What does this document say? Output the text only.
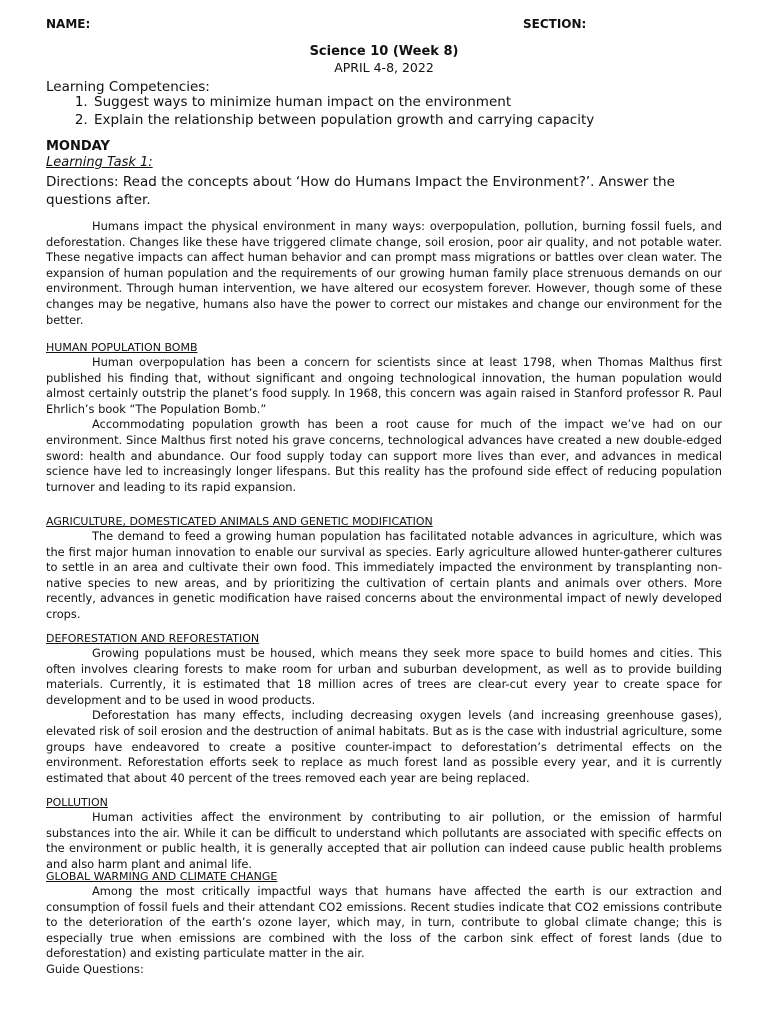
NAME:	SECTION:
Science 10 (Week 8)
APRIL 4-8, 2022
Learning Competencies:
1. Suggest ways to minimize human impact on the environment
2. Explain the relationship between population growth and carrying capacity
MONDAY
Learning Task 1:
Directions: Read the concepts about ‘How do Humans Impact the Environment?’. Answer the questions after.

Humans impact the physical environment in many ways: overpopulation, pollution, burning fossil fuels, and deforestation. Changes like these have triggered climate change, soil erosion, poor air quality, and not potable water. These negative impacts can affect human behavior and can prompt mass migrations or battles over clean water. The expansion of human population and the requirements of our growing human family place strenuous demands on our environment. Through human intervention, we have altered our ecosystem forever. However, though some of these changes may be negative, humans also have the power to correct our mistakes and change our environment for the better.

HUMAN POPULATION BOMB

Human overpopulation has been a concern for scientists since at least 1798, when Thomas Malthus first published his finding that, without significant and ongoing technological innovation, the human population would almost certainly outstrip the planet’s food supply. In 1968, this concern was again raised in Stanford professor R. Paul Ehrlich’s book “The Population Bomb.”

Accommodating population growth has been a root cause for much of the impact we’ve had on our environment. Since Malthus first noted his grave concerns, technological advances have created a new double-edged sword: health and abundance. Our food supply today can support more lives than ever, and advances in medical science have led to increasingly longer lifespans. But this reality has the profound side effect of reducing population turnover and leading to its rapid expansion.

AGRICULTURE, DOMESTICATED ANIMALS AND GENETIC MODIFICATION

The demand to feed a growing human population has facilitated notable advances in agriculture, which was the first major human innovation to enable our survival as species. Early agriculture allowed hunter-gatherer cultures to settle in an area and cultivate their own food. This immediately impacted the environment by transplanting non-native species to new areas, and by prioritizing the cultivation of certain plants and animals over others. More recently, advances in genetic modification have raised concerns about the environmental impact of newly developed crops.

DEFORESTATION AND REFORESTATION

Growing populations must be housed, which means they seek more space to build homes and cities. This often involves clearing forests to make room for urban and suburban development, as well as to provide building materials. Currently, it is estimated that 18 million acres of trees are clear-cut every year to create space for development and to be used in wood products.

Deforestation has many effects, including decreasing oxygen levels (and increasing greenhouse gases), elevated risk of soil erosion and the destruction of animal habitats. But as is the case with industrial agriculture, some groups have endeavored to create a positive counter-impact to deforestation’s detrimental effects on the environment. Reforestation efforts seek to replace as much forest land as possible every year, and it is currently estimated that about 40 percent of the trees removed each year are being replaced.

POLLUTION

Human activities affect the environment by contributing to air pollution, or the emission of harmful substances into the air. While it can be difficult to understand which pollutants are associated with specific effects on the environment or public health, it is generally accepted that air pollution can indeed cause public health problems and also harm plant and animal life.

GLOBAL WARMING AND CLIMATE CHANGE

Among the most critically impactful ways that humans have affected the earth is our extraction and consumption of fossil fuels and their attendant CO2 emissions. Recent studies indicate that CO2 emissions contribute to the deterioration of the earth’s ozone layer, which may, in turn, contribute to global climate change; this is especially true when emissions are combined with the loss of the carbon sink effect of forest lands (due to deforestation) and existing particulate matter in the air.

Guide Questions:
